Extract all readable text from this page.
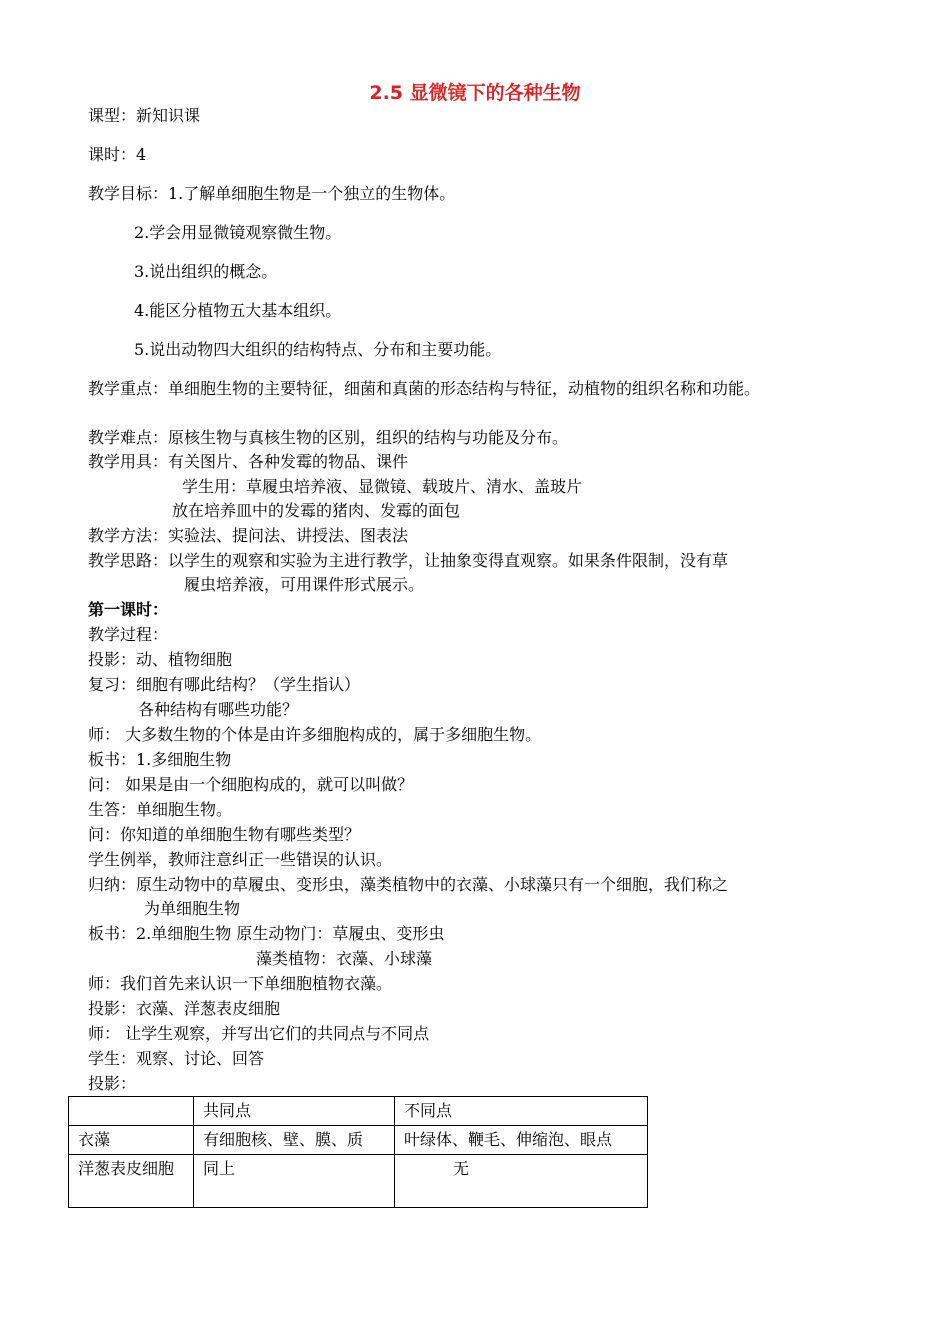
2.5 显微镜下的各种生物
课型：新知识课
课时：4
教学目标：1.了解单细胞生物是一个独立的生物体。
2.学会用显微镜观察微生物。
3.说出组织的概念。
4.能区分植物五大基本组织。
5.说出动物四大组织的结构特点、分布和主要功能。
教学重点：单细胞生物的主要特征，细菌和真菌的形态结构与特征，动植物的组织名称和功能。
教学难点：原核生物与真核生物的区别，组织的结构与功能及分布。
教学用具：有关图片、各种发霉的物品、课件
学生用：草履虫培养液、显微镜、载玻片、清水、盖玻片
放在培养皿中的发霉的猪肉、发霉的面包
教学方法：实验法、提问法、讲授法、图表法
教学思路：以学生的观察和实验为主进行教学，让抽象变得直观察。如果条件限制，没有草
履虫培养液，可用课件形式展示。
第一课时：
教学过程：
投影：动、植物细胞
复习：细胞有哪此结构？（学生指认）
各种结构有哪些功能？
师： 大多数生物的个体是由许多细胞构成的，属于多细胞生物。
板书：1.多细胞生物
问： 如果是由一个细胞构成的，就可以叫做？
生答：单细胞生物。
问：你知道的单细胞生物有哪些类型？
学生例举，教师注意纠正一些错误的认识。
归纳：原生动物中的草履虫、变形虫，藻类植物中的衣藻、小球藻只有一个细胞，我们称之
为单细胞生物
板书：2.单细胞生物 原生动物门：草履虫、变形虫
藻类植物：衣藻、小球藻
师：我们首先来认识一下单细胞植物衣藻。
投影：衣藻、洋葱表皮细胞
师： 让学生观察，并写出它们的共同点与不同点
学生：观察、讨论、回答
投影：
	共同点	不同点
衣藻	有细胞核、壁、膜、质	叶绿体、鞭毛、伸缩泡、眼点
洋葱表皮细胞	同上	无
